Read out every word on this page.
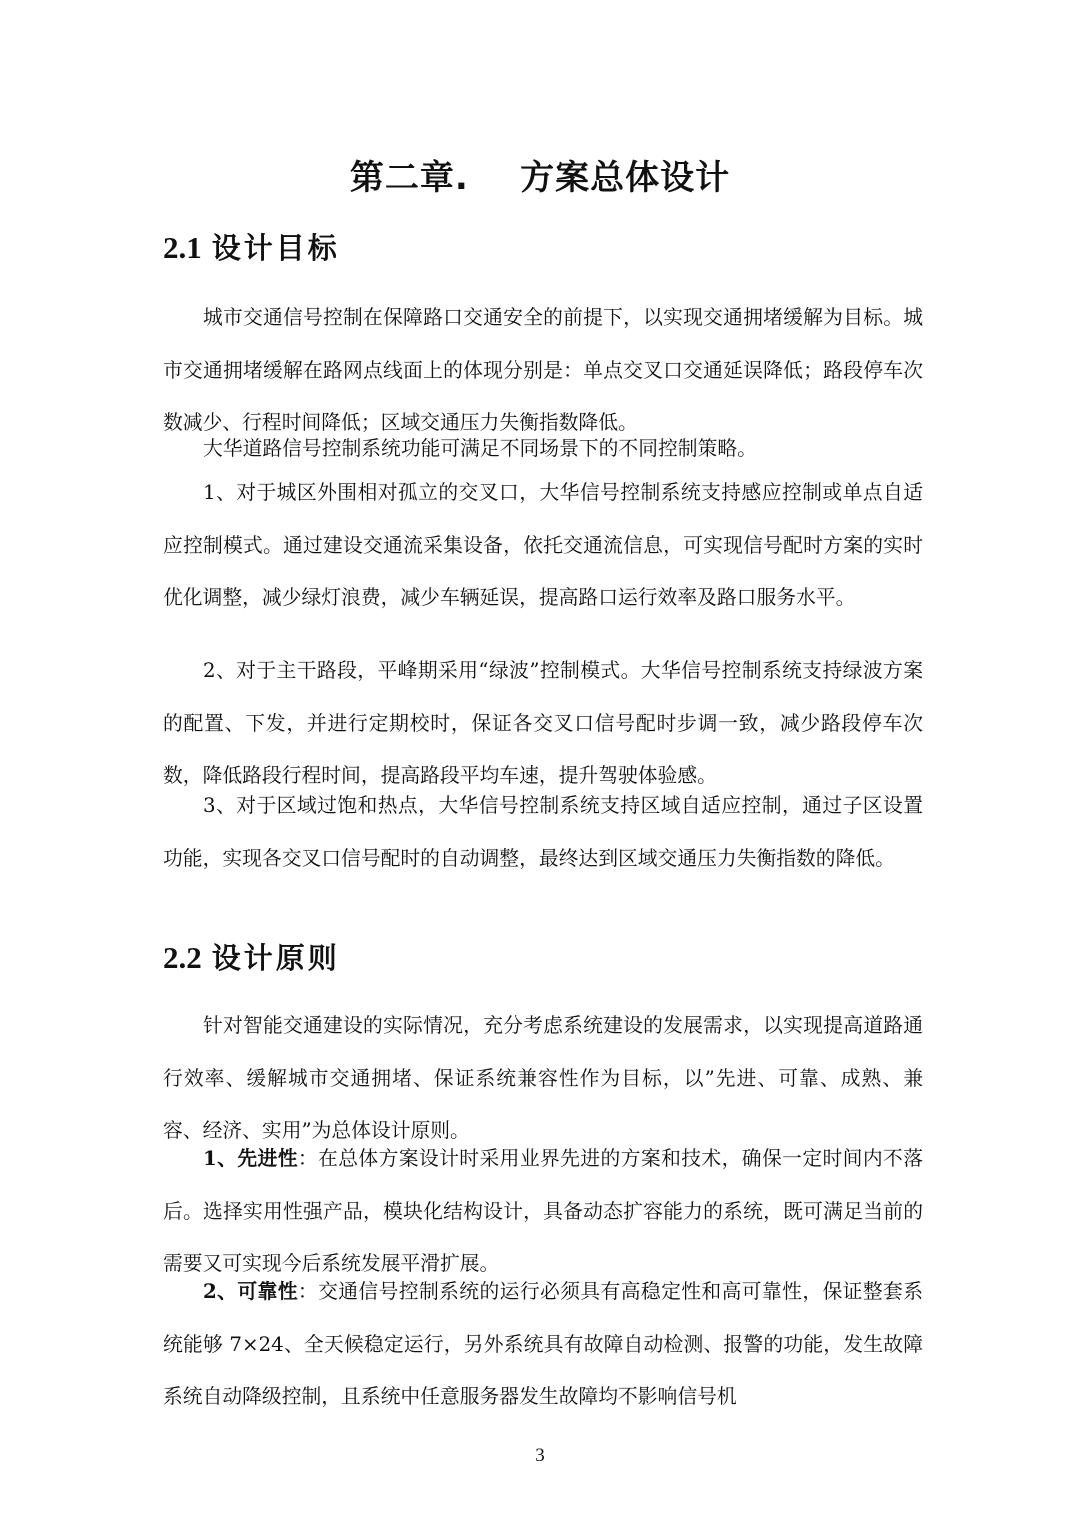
第二章.    方案总体设计
2.1 设计目标

城市交通信号控制在保障路口交通安全的前提下，以实现交通拥堵缓解为目标。城市交通拥堵缓解在路网点线面上的体现分别是：单点交叉口交通延误降低；路段停车次数减少、行程时间降低；区域交通压力失衡指数降低。

大华道路信号控制系统功能可满足不同场景下的不同控制策略。

1、对于城区外围相对孤立的交叉口，大华信号控制系统支持感应控制或单点自适应控制模式。通过建设交通流采集设备，依托交通流信息，可实现信号配时方案的实时优化调整，减少绿灯浪费，减少车辆延误，提高路口运行效率及路口服务水平。

2、对于主干路段，平峰期采用“绿波”控制模式。大华信号控制系统支持绿波方案的配置、下发，并进行定期校时，保证各交叉口信号配时步调一致，减少路段停车次数，降低路段行程时间，提高路段平均车速，提升驾驶体验感。

3、对于区域过饱和热点，大华信号控制系统支持区域自适应控制，通过子区设置功能，实现各交叉口信号配时的自动调整，最终达到区域交通压力失衡指数的降低。

2.2 设计原则

针对智能交通建设的实际情况，充分考虑系统建设的发展需求，以实现提高道路通行效率、缓解城市交通拥堵、保证系统兼容性作为目标，以”先进、可靠、成熟、兼容、经济、实用”为总体设计原则。

1、先进性：在总体方案设计时采用业界先进的方案和技术，确保一定时间内不落后。选择实用性强产品，模块化结构设计，具备动态扩容能力的系统，既可满足当前的需要又可实现今后系统发展平滑扩展。

2、可靠性：交通信号控制系统的运行必须具有高稳定性和高可靠性，保证整套系统能够 7×24、全天候稳定运行，另外系统具有故障自动检测、报警的功能，发生故障系统自动降级控制，且系统中任意服务器发生故障均不影响信号机

3
